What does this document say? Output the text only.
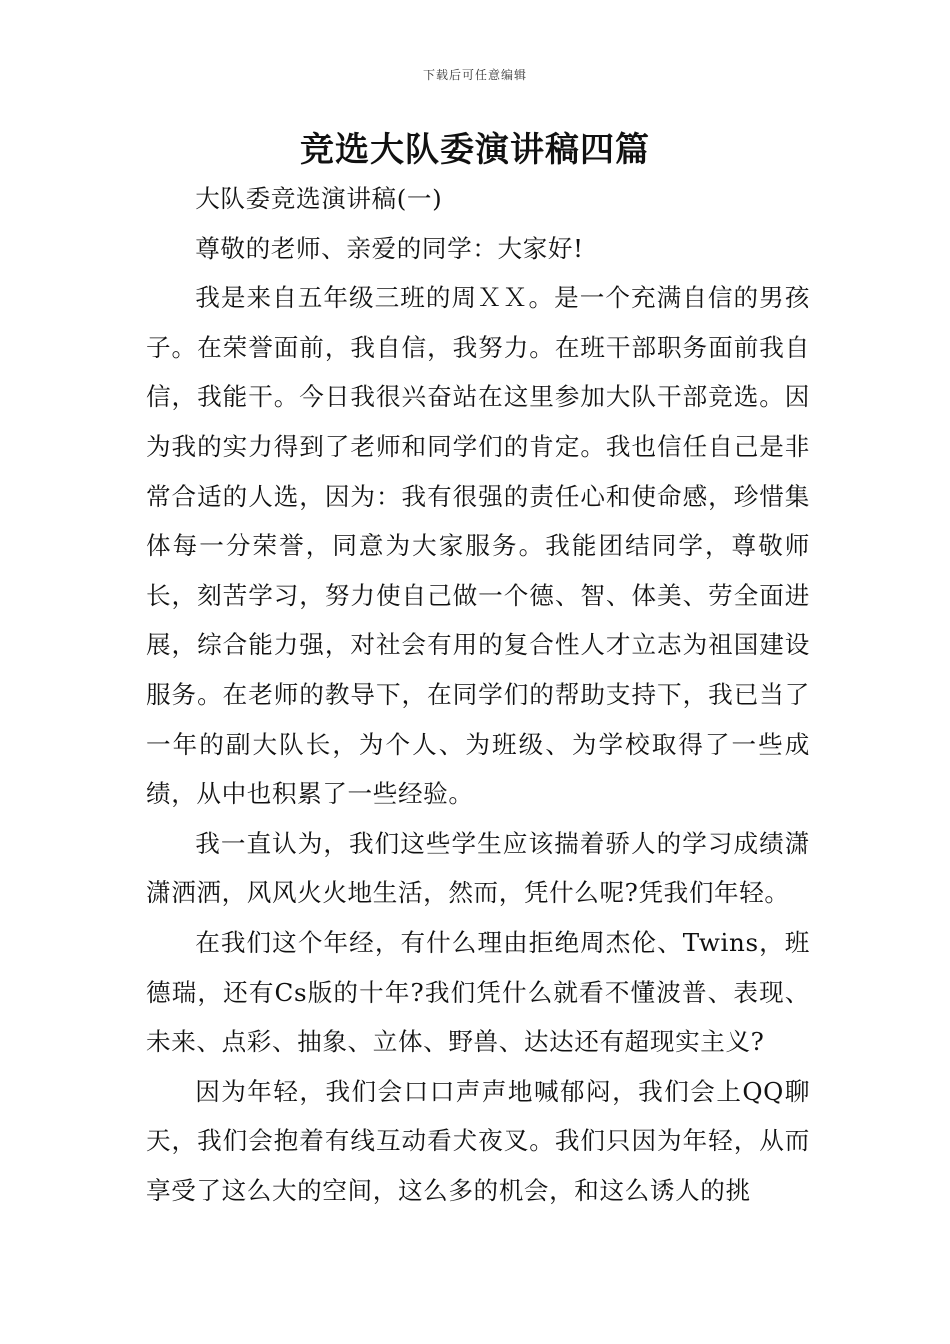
下载后可任意编辑
竞选大队委演讲稿四篇

大队委竞选演讲稿(一)

尊敬的老师、亲爱的同学：大家好!

我是来自五年级三班的周ＸＸ。是一个充满自信的男孩子。在荣誉面前，我自信，我努力。在班干部职务面前我自信，我能干。今日我很兴奋站在这里参加大队干部竞选。因为我的实力得到了老师和同学们的肯定。我也信任自己是非常合适的人选，因为：我有很强的责任心和使命感，珍惜集体每一分荣誉，同意为大家服务。我能团结同学，尊敬师长，刻苦学习，努力使自己做一个德、智、体美、劳全面进展，综合能力强，对社会有用的复合性人才立志为祖国建设服务。在老师的教导下，在同学们的帮助支持下，我已当了一年的副大队长，为个人、为班级、为学校取得了一些成绩，从中也积累了一些经验。

我一直认为，我们这些学生应该揣着骄人的学习成绩潇潇洒洒，风风火火地生活，然而，凭什么呢?凭我们年轻。

在我们这个年经，有什么理由拒绝周杰伦、Twins，班德瑞，还有Cs版的十年?我们凭什么就看不懂波普、表现、未来、点彩、抽象、立体、野兽、达达还有超现实主义?

因为年轻，我们会口口声声地喊郁闷，我们会上QQ聊天，我们会抱着有线互动看犬夜叉。我们只因为年轻，从而享受了这么大的空间，这么多的机会，和这么诱人的挑
